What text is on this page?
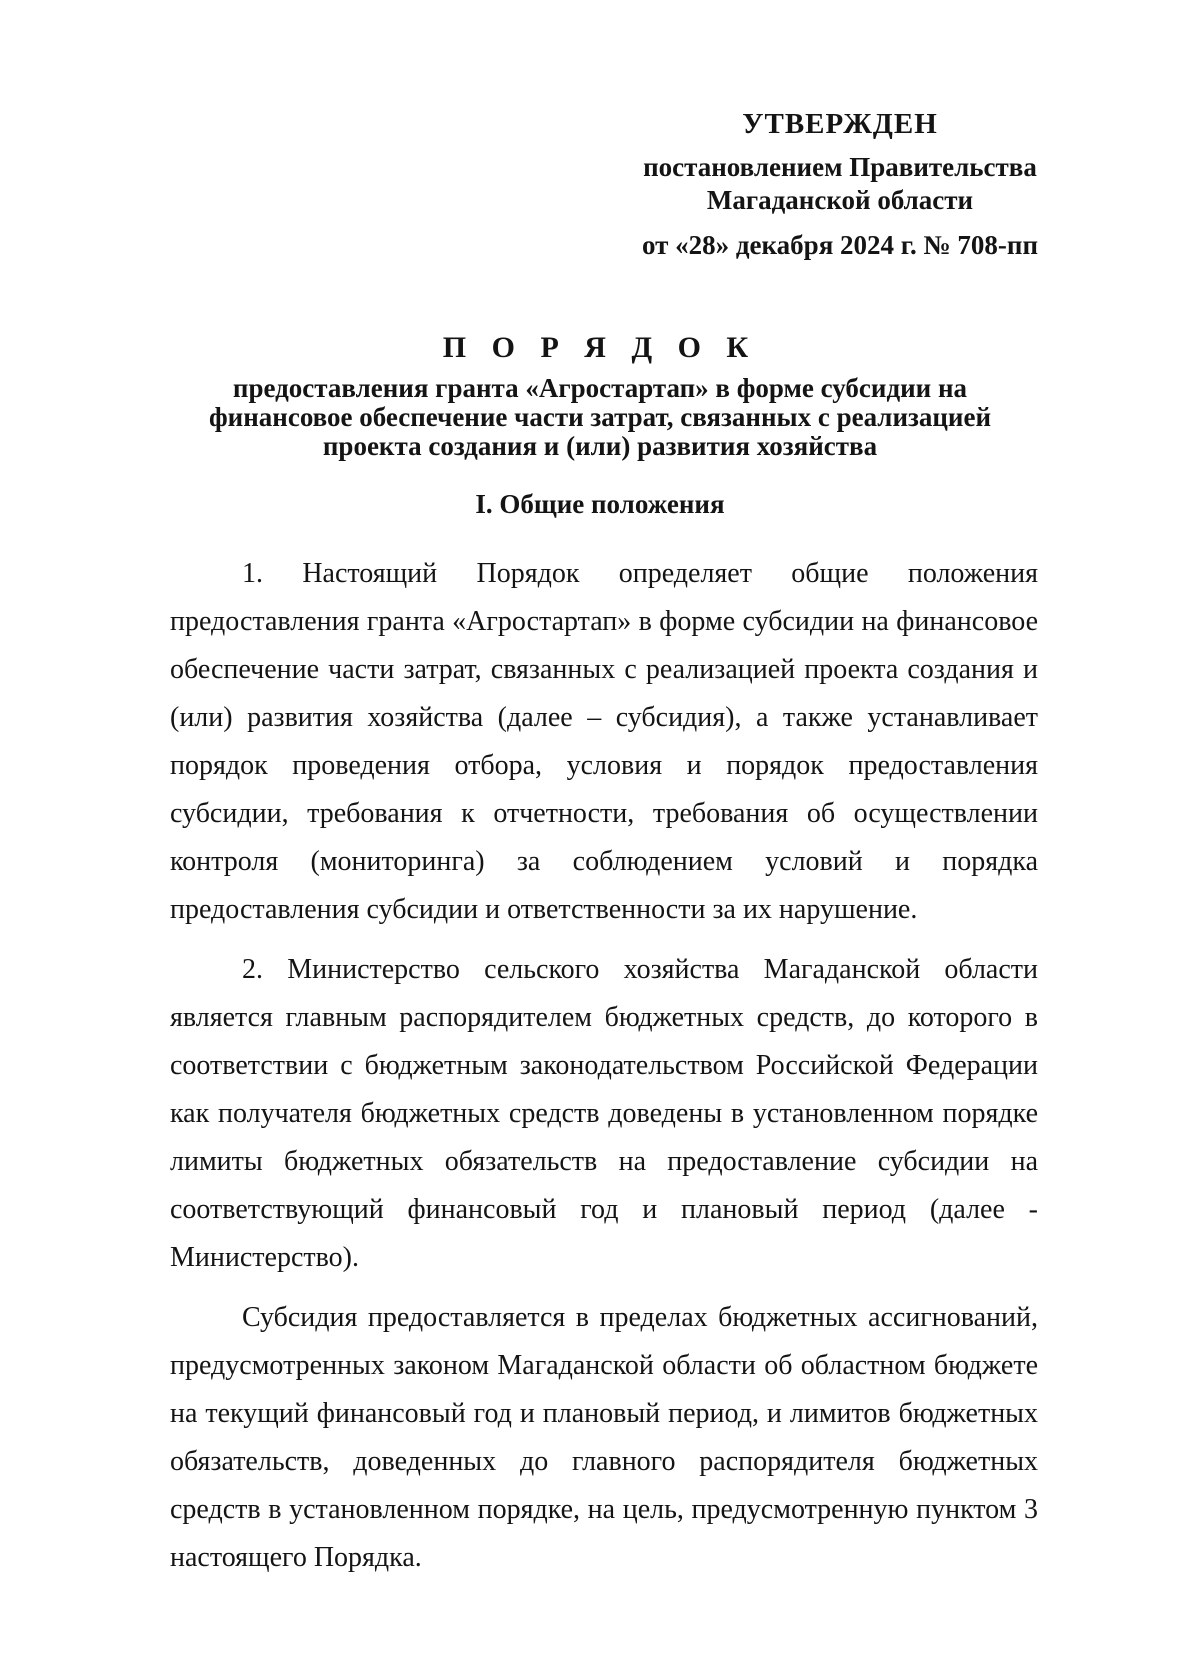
УТВЕРЖДЕН
постановлением Правительства
Магаданской области
от «28» декабря 2024 г. № 708-пп
П О Р Я Д О К
предоставления гранта «Агростартап» в форме субсидии на
финансовое обеспечение части затрат, связанных с реализацией
проекта создания и (или) развития хозяйства
I. Общие положения

1. Настоящий Порядок определяет общие положения предоставления гранта «Агростартап» в форме субсидии на финансовое обеспечение части затрат, связанных с реализацией проекта создания и (или) развития хозяйства (далее – субсидия), а также устанавливает порядок проведения отбора, условия и порядок предоставления субсидии, требования к отчетности, требования об осуществлении контроля (мониторинга) за соблюдением условий и порядка предоставления субсидии и ответственности за их нарушение.

2. Министерство сельского хозяйства Магаданской области является главным распорядителем бюджетных средств, до которого в соответствии с бюджетным законодательством Российской Федерации как получателя бюджетных средств доведены в установленном порядке лимиты бюджетных обязательств на предоставление субсидии на соответствующий финансовый год и плановый период (далее - Министерство).

Субсидия предоставляется в пределах бюджетных ассигнований, предусмотренных законом Магаданской области об областном бюджете на текущий финансовый год и плановый период, и лимитов бюджетных обязательств, доведенных до главного распорядителя бюджетных средств в установленном порядке, на цель, предусмотренную пунктом 3 настоящего Порядка.
